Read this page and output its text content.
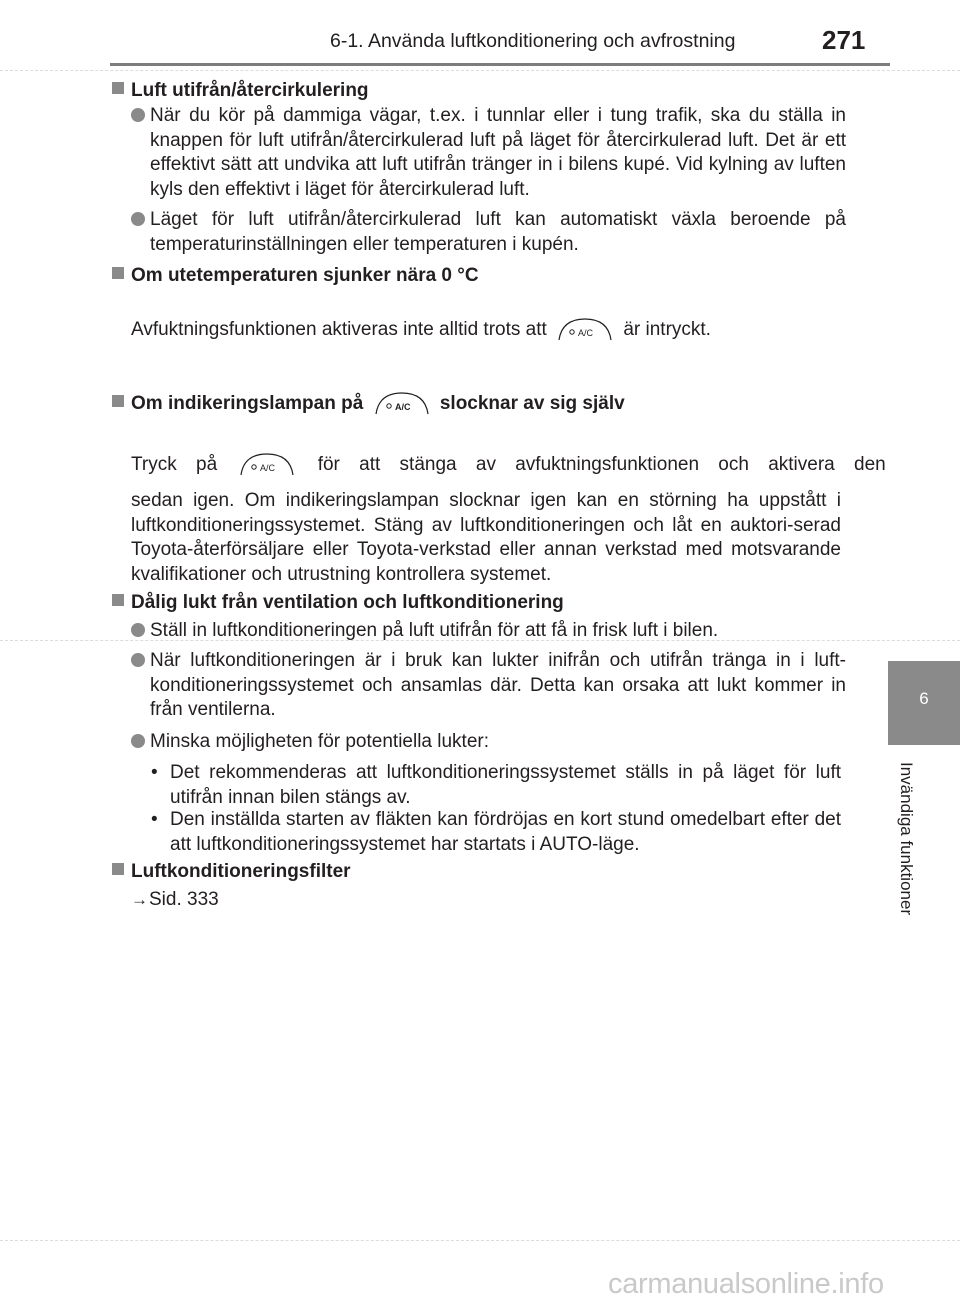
6-1. Använda luftkonditionering och avfrostning	271
6
Invändiga funktioner
Luft utifrån/återcirkulering
När du kör på dammiga vägar, t.ex. i tunnlar eller i tung trafik, ska du ställa in knappen för luft utifrån/återcirkulerad luft på läget för återcirkulerad luft. Det är ett effektivt sätt att undvika att luft utifrån tränger in i bilens kupé. Vid kylning av luften kyls den effektivt i läget för återcirkulerad luft.
Läget för luft utifrån/återcirkulerad luft kan automatiskt växla beroende på temperaturinställningen eller temperaturen i kupén.
Om utetemperaturen sjunker nära 0 °C
Avfuktningsfunktionen aktiveras inte alltid trots att	A/C är intryckt.
Om indikeringslampan på	A/C slocknar av sig själv
Tryck på	A/C för att stänga av avfuktningsfunktionen och aktivera den
sedan igen. Om indikeringslampan slocknar igen kan en störning ha uppstått i luftkonditioneringssystemet. Stäng av luftkonditioneringen och låt en auktori-serad Toyota-återförsäljare eller Toyota-verkstad eller annan verkstad med motsvarande kvalifikationer och utrustning kontrollera systemet.
Dålig lukt från ventilation och luftkonditionering
Ställ in luftkonditioneringen på luft utifrån för att få in frisk luft i bilen.
När luftkonditioneringen är i bruk kan lukter inifrån och utifrån tränga in i luft-konditioneringssystemet och ansamlas där. Detta kan orsaka att lukt kommer in från ventilerna.
Minska möjligheten för potentiella lukter:
• Det rekommenderas att luftkonditioneringssystemet ställs in på läget för luft utifrån innan bilen stängs av.
• Den inställda starten av fläkten kan fördröjas en kort stund omedelbart efter det att luftkonditioneringssystemet har startats i AUTO-läge.
Luftkonditioneringsfilter
→Sid. 333
carmanualsonline.info
